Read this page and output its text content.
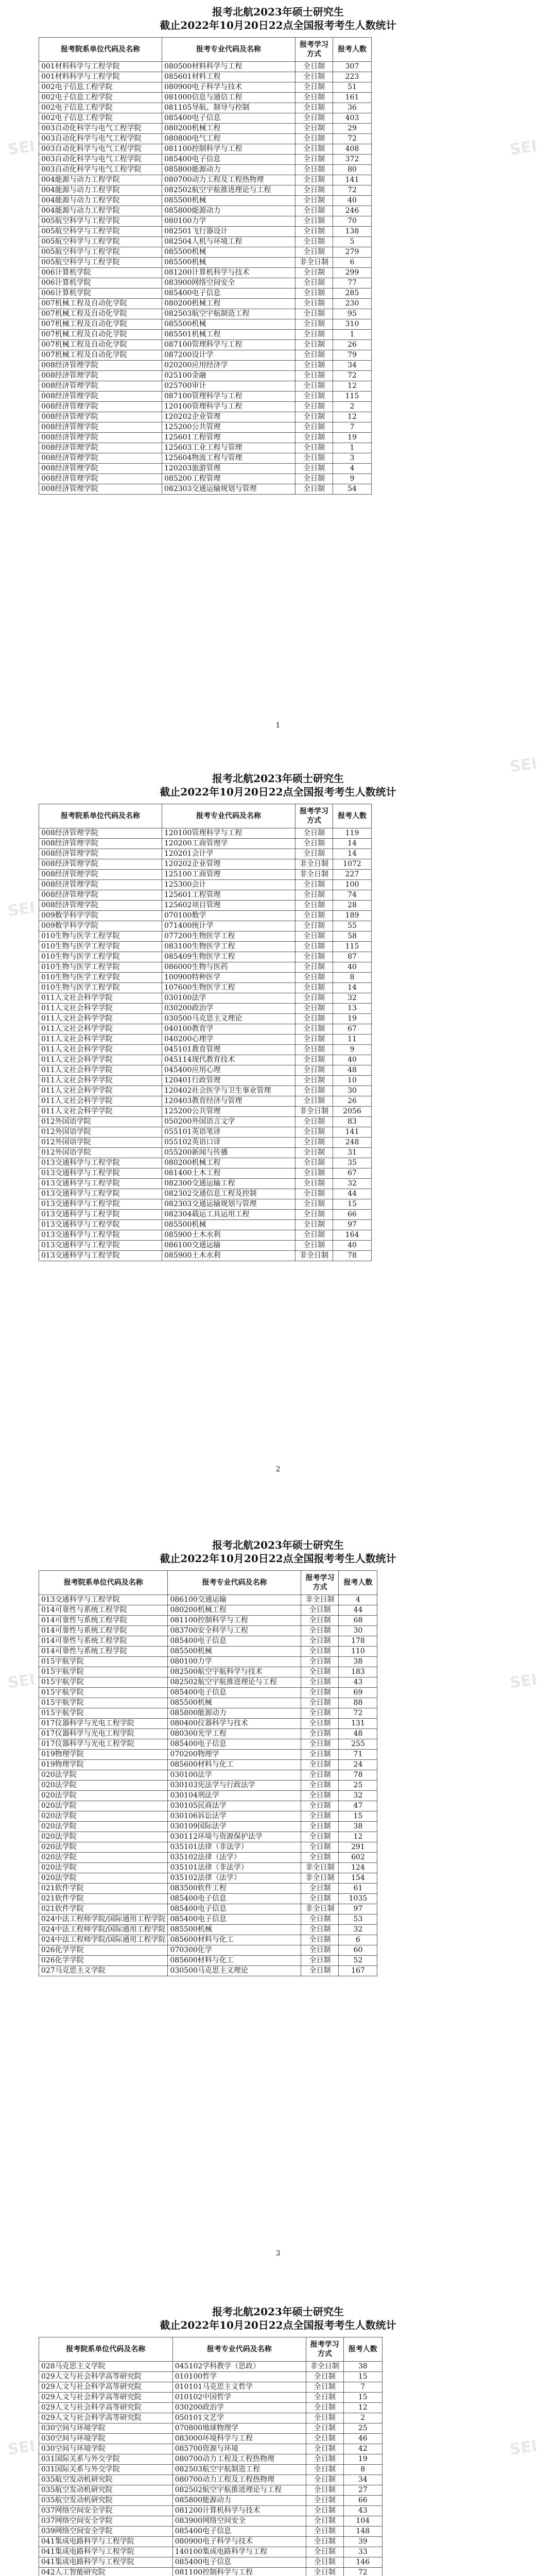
报考北航2023年硕士研究生
截止2022年10月20日22点全国报考考生人数统计
报考院系单位代码及名称	报考专业代码及名称	报考学习方式	报考人数
001材料科学与工程学院	080500材料科学与工程	全日制	307
001材料科学与工程学院	085601材料工程	全日制	223
002电子信息工程学院	080900电子科学与技术	全日制	51
002电子信息工程学院	081000信息与通信工程	全日制	161
002电子信息工程学院	081105导航、制导与控制	全日制	36
002电子信息工程学院	085400电子信息	全日制	403
003自动化科学与电气工程学院	080200机械工程	全日制	29
003自动化科学与电气工程学院	080800电气工程	全日制	72
003自动化科学与电气工程学院	081100控制科学与工程	全日制	408
003自动化科学与电气工程学院	085400电子信息	全日制	372
003自动化科学与电气工程学院	085800能源动力	全日制	80
004能源与动力工程学院	080700动力工程及工程热物理	全日制	141
004能源与动力工程学院	082502航空宇航推进理论与工程	全日制	72
004能源与动力工程学院	085500机械	全日制	40
004能源与动力工程学院	085800能源动力	全日制	246
005航空科学与工程学院	080100力学	全日制	70
005航空科学与工程学院	082501飞行器设计	全日制	138
005航空科学与工程学院	082504人机与环境工程	全日制	5
005航空科学与工程学院	085500机械	全日制	279
005航空科学与工程学院	085500机械	非全日制	6
006计算机学院	081200计算机科学与技术	全日制	299
006计算机学院	083900网络空间安全	全日制	77
006计算机学院	085400电子信息	全日制	285
007机械工程及自动化学院	080200机械工程	全日制	230
007机械工程及自动化学院	082503航空宇航制造工程	全日制	95
007机械工程及自动化学院	085500机械	全日制	310
007机械工程及自动化学院	085501机械工程	全日制	1
007机械工程及自动化学院	087100管理科学与工程	全日制	26
007机械工程及自动化学院	087200设计学	全日制	79
008经济管理学院	020200应用经济学	全日制	34
008经济管理学院	025100金融	全日制	72
008经济管理学院	025700审计	全日制	12
008经济管理学院	087100管理科学与工程	全日制	115
008经济管理学院	120100管理科学与工程	全日制	2
008经济管理学院	120202企业管理	全日制	12
008经济管理学院	125200公共管理	全日制	7
008经济管理学院	125601工程管理	全日制	19
008经济管理学院	125603工业工程与管理	全日制	1
008经济管理学院	125604物流工程与管理	全日制	3
008经济管理学院	120203旅游管理	全日制	4
008经济管理学院	085200工程管理	全日制	9
008经济管理学院	082303交通运输规划与管理	全日制	54
1
SEI	SEI
报考北航2023年硕士研究生
截止2022年10月20日22点全国报考考生人数统计
报考院系单位代码及名称	报考专业代码及名称	报考学习方式	报考人数
008经济管理学院	120100管理科学与工程	全日制	119
008经济管理学院	120200工商管理学	全日制	14
008经济管理学院	120201会计学	全日制	14
008经济管理学院	120202企业管理	非全日制	1072
008经济管理学院	125100工商管理	非全日制	227
008经济管理学院	125300会计	全日制	100
008经济管理学院	125601工程管理	全日制	74
008经济管理学院	125602项目管理	全日制	28
009数学科学学院	070100数学	全日制	189
009数学科学学院	071400统计学	全日制	55
010生物与医学工程学院	077200生物医学工程	全日制	58
010生物与医学工程学院	083100生物医学工程	全日制	115
010生物与医学工程学院	085409生物医学工程	全日制	87
010生物与医学工程学院	086000生物与医药	全日制	40
010生物与医学工程学院	100900特种医学	全日制	8
010生物与医学工程学院	107600生物医学工程	全日制	14
011人文社会科学学院	030100法学	全日制	32
011人文社会科学学院	030200政治学	全日制	13
011人文社会科学学院	030500马克思主义理论	全日制	19
011人文社会科学学院	040100教育学	全日制	67
011人文社会科学学院	040200心理学	全日制	11
011人文社会科学学院	045101教育管理	全日制	9
011人文社会科学学院	045114现代教育技术	全日制	40
011人文社会科学学院	045400应用心理	全日制	48
011人文社会科学学院	120401行政管理	全日制	10
011人文社会科学学院	120402社会医学与卫生事业管理	全日制	30
011人文社会科学学院	120403教育经济与管理	全日制	26
011人文社会科学学院	125200公共管理	非全日制	2056
012外国语学院	050200外国语言文学	全日制	83
012外国语学院	055101英语笔译	全日制	141
012外国语学院	055102英语口译	全日制	248
012外国语学院	055200新闻与传播	全日制	31
013交通科学与工程学院	080200机械工程	全日制	35
013交通科学与工程学院	081400土木工程	全日制	67
013交通科学与工程学院	082300交通运输工程	全日制	32
013交通科学与工程学院	082302交通信息工程及控制	全日制	44
013交通科学与工程学院	082303交通运输规划与管理	全日制	15
013交通科学与工程学院	082304载运工具运用工程	全日制	66
013交通科学与工程学院	085500机械	全日制	97
013交通科学与工程学院	085900土木水利	全日制	164
013交通科学与工程学院	086100交通运输	全日制	40
013交通科学与工程学院	085900土木水利	非全日制	78
2
SEI
SEI
报考北航2023年硕士研究生
截止2022年10月20日22点全国报考考生人数统计
报考院系单位代码及名称	报考专业代码及名称	报考学习方式	报考人数
013交通科学与工程学院	086100交通运输	非全日制	4
014可靠性与系统工程学院	080200机械工程	全日制	44
014可靠性与系统工程学院	081100控制科学与工程	全日制	68
014可靠性与系统工程学院	083700安全科学与工程	全日制	30
014可靠性与系统工程学院	085400电子信息	全日制	178
014可靠性与系统工程学院	085500机械	全日制	110
015宇航学院	080100力学	全日制	38
015宇航学院	082500航空宇航科学与技术	全日制	183
015宇航学院	082502航空宇航推进理论与工程	全日制	43
015宇航学院	085400电子信息	全日制	69
015宇航学院	085500机械	全日制	88
015宇航学院	085800能源动力	全日制	72
017仪器科学与光电工程学院	080400仪器科学与技术	全日制	131
017仪器科学与光电工程学院	080300光学工程	全日制	48
017仪器科学与光电工程学院	085400电子信息	全日制	255
019物理学院	070200物理学	全日制	71
019物理学院	085600材料与化工	全日制	24
020法学院	030100法学	全日制	78
020法学院	030103宪法学与行政法学	全日制	25
020法学院	030104刑法学	全日制	32
020法学院	030105民商法学	全日制	47
020法学院	030106诉讼法学	全日制	15
020法学院	030109国际法学	全日制	38
020法学院	030112环境与资源保护法学	全日制	12
020法学院	035101法律（非法学）	全日制	291
020法学院	035102法律（法学）	全日制	602
020法学院	035101法律（非法学）	非全日制	124
020法学院	035102法律（法学）	非全日制	154
021软件学院	083500软件工程	全日制	61
021软件学院	085400电子信息	全日制	1035
021软件学院	085400电子信息	非全日制	97
024中法工程师学院/国际通用工程学院	085400电子信息	全日制	53
024中法工程师学院/国际通用工程学院	085500机械	全日制	32
024中法工程师学院/国际通用工程学院	085600材料与化工	全日制	6
026化学学院	070300化学	全日制	60
026化学学院	085600材料与化工	全日制	52
027马克思主义学院	030500马克思主义理论	全日制	167
3
SEI	SEI
报考北航2023年硕士研究生
截止2022年10月20日22点全国报考考生人数统计
报考院系单位代码及名称	报考专业代码及名称	报考学习方式	报考人数
028马克思主义学院	045102学科教学（思政）	非全日制	38
029人文与社会科学高等研究院	010100哲学	全日制	15
029人文与社会科学高等研究院	010101马克思主义哲学	全日制	7
029人文与社会科学高等研究院	010102中国哲学	全日制	15
029人文与社会科学高等研究院	030200政治学	全日制	12
029人文与社会科学高等研究院	050101文艺学	全日制	2
030空间与环境学院	070800地球物理学	全日制	25
030空间与环境学院	083000环境科学与工程	全日制	46
030空间与环境学院	085700资源与环境	全日制	42
031国际关系与外交学院	080700动力工程及工程热物理	全日制	19
031国际关系与外交学院	082503航空宇航制造工程	全日制	8
035航空发动机研究院	080700动力工程及工程热物理	全日制	34
035航空发动机研究院	082502航空宇航推进理论与工程	全日制	27
035航空发动机研究院	085800能源动力	全日制	66
037网络空间安全学院	081200计算机科学与技术	全日制	43
037网络空间安全学院	083900网络空间安全	全日制	104
039网络空间安全学院	085400电子信息	全日制	148
041集成电路科学与工程学院	080900电子科学与技术	全日制	39
041集成电路科学与工程学院	140100集成电路科学与工程	全日制	33
041集成电路科学与工程学院	085400电子信息	全日制	146
042人工智能研究院	081100控制科学与工程	全日制	72

SEI	SEI
